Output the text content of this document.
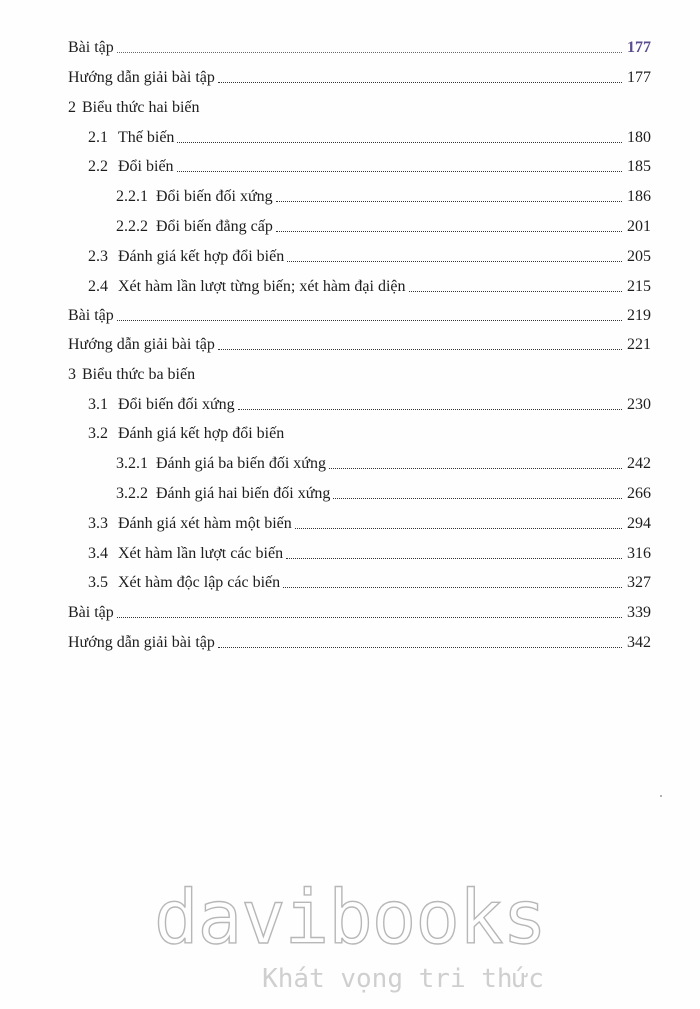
Bài tập	177
Hướng dẫn giải bài tập	177
2 Biểu thức hai biến
2.1 Thế biến	180
2.2 Đổi biến	185
2.2.1 Đổi biến đối xứng	186
2.2.2 Đổi biến đẳng cấp	201
2.3 Đánh giá kết hợp đổi biến	205
2.4 Xét hàm lần lượt từng biến; xét hàm đại diện	215
Bài tập	219
Hướng dẫn giải bài tập	221
3 Biểu thức ba biến
3.1 Đổi biến đối xứng	230
3.2 Đánh giá kết hợp đổi biến
3.2.1 Đánh giá ba biến đối xứng	242
3.2.2 Đánh giá hai biến đối xứng	266
3.3 Đánh giá xét hàm một biến	294
3.4 Xét hàm lần lượt các biến	316
3.5 Xét hàm độc lập các biến	327
Bài tập	339
Hướng dẫn giải bài tập	342
davibooks
Khát vọng tri thức
